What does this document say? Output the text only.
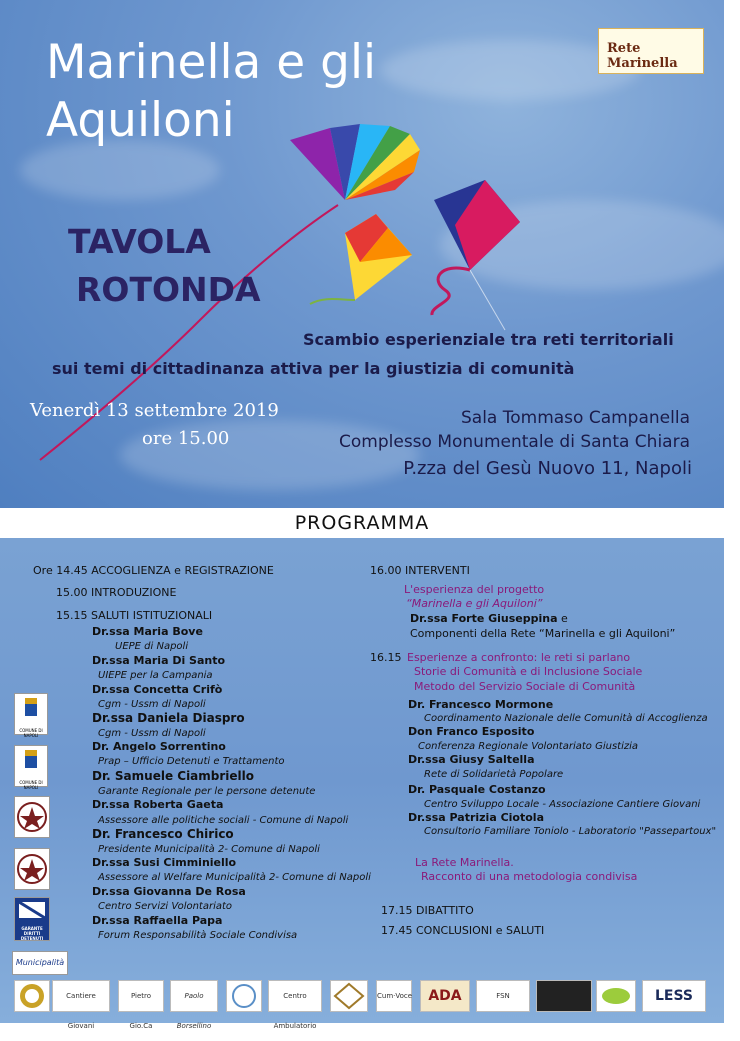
Marinella e gli
Aquiloni
Rete Marinella
TAVOLA
ROTONDA
Scambio esperienziale tra reti territoriali
sui temi di cittadinanza attiva per la giustizia di comunità
Venerdì 13 settembre 2019
ore 15.00
Sala Tommaso Campanella
Complesso Monumentale di Santa Chiara
P.zza del Gesù Nuovo 11, Napoli
PROGRAMMA
Ore 14.45 ACCOGLIENZA e REGISTRAZIONE
15.00 INTRODUZIONE
15.15 SALUTI ISTITUZIONALI
Dr.ssa Maria Bove
UEPE di Napoli
Dr.ssa Maria Di Santo
UIEPE per la Campania
Dr.ssa Concetta Crifò
Cgm - Ussm di Napoli
Dr.ssa Daniela Diaspro
Cgm - Ussm di Napoli
Dr. Angelo Sorrentino
Prap – Ufficio Detenuti e Trattamento
Dr. Samuele Ciambriello
Garante Regionale per le persone detenute
Dr.ssa Roberta Gaeta
Assessore alle politiche sociali - Comune di Napoli
Dr. Francesco Chirico
Presidente Municipalità 2- Comune di Napoli
Dr.ssa Susi Cimminiello
Assessore al Welfare Municipalità 2- Comune di Napoli
Dr.ssa Giovanna De Rosa
Centro Servizi Volontariato
Dr.ssa Raffaella Papa
Forum Responsabilità Sociale Condivisa
COMUNE DI NAPOLI
COMUNE DI NAPOLI
GARANTE DIRITTI DETENUTI
Municipalità
16.00 INTERVENTI
L'esperienza del progetto
“Marinella e gli Aquiloni”
Dr.ssa Forte Giuseppina e
Componenti della Rete “Marinella e gli Aquiloni”
16.15 Esperienze a confronto: le reti si parlano
Storie di Comunità e di Inclusione Sociale
Metodo del Servizio Sociale di Comunità
Dr. Francesco Mormone
Coordinamento Nazionale delle Comunità di Accoglienza
Don Franco Esposito
Conferenza Regionale Volontariato Giustizia
Dr.ssa Giusy Saltella
Rete di Solidarietà Popolare
Dr. Pasquale Costanzo
Centro Sviluppo Locale - Associazione Cantiere Giovani
Dr.ssa Patrizia Ciotola
Consultorio Familiare Toniolo - Laboratorio "Passepartoux"
La Rete Marinella.
Racconto di una metodologia condivisa
17.15 DIBATTITO
17.45 CONCLUSIONI e SALUTI
Cantiere Giovani
Pietro Gio.Ca
Paolo Borsellino
Centro Ambulatorio
Cum·Voce	ADA	FSN	LESS
